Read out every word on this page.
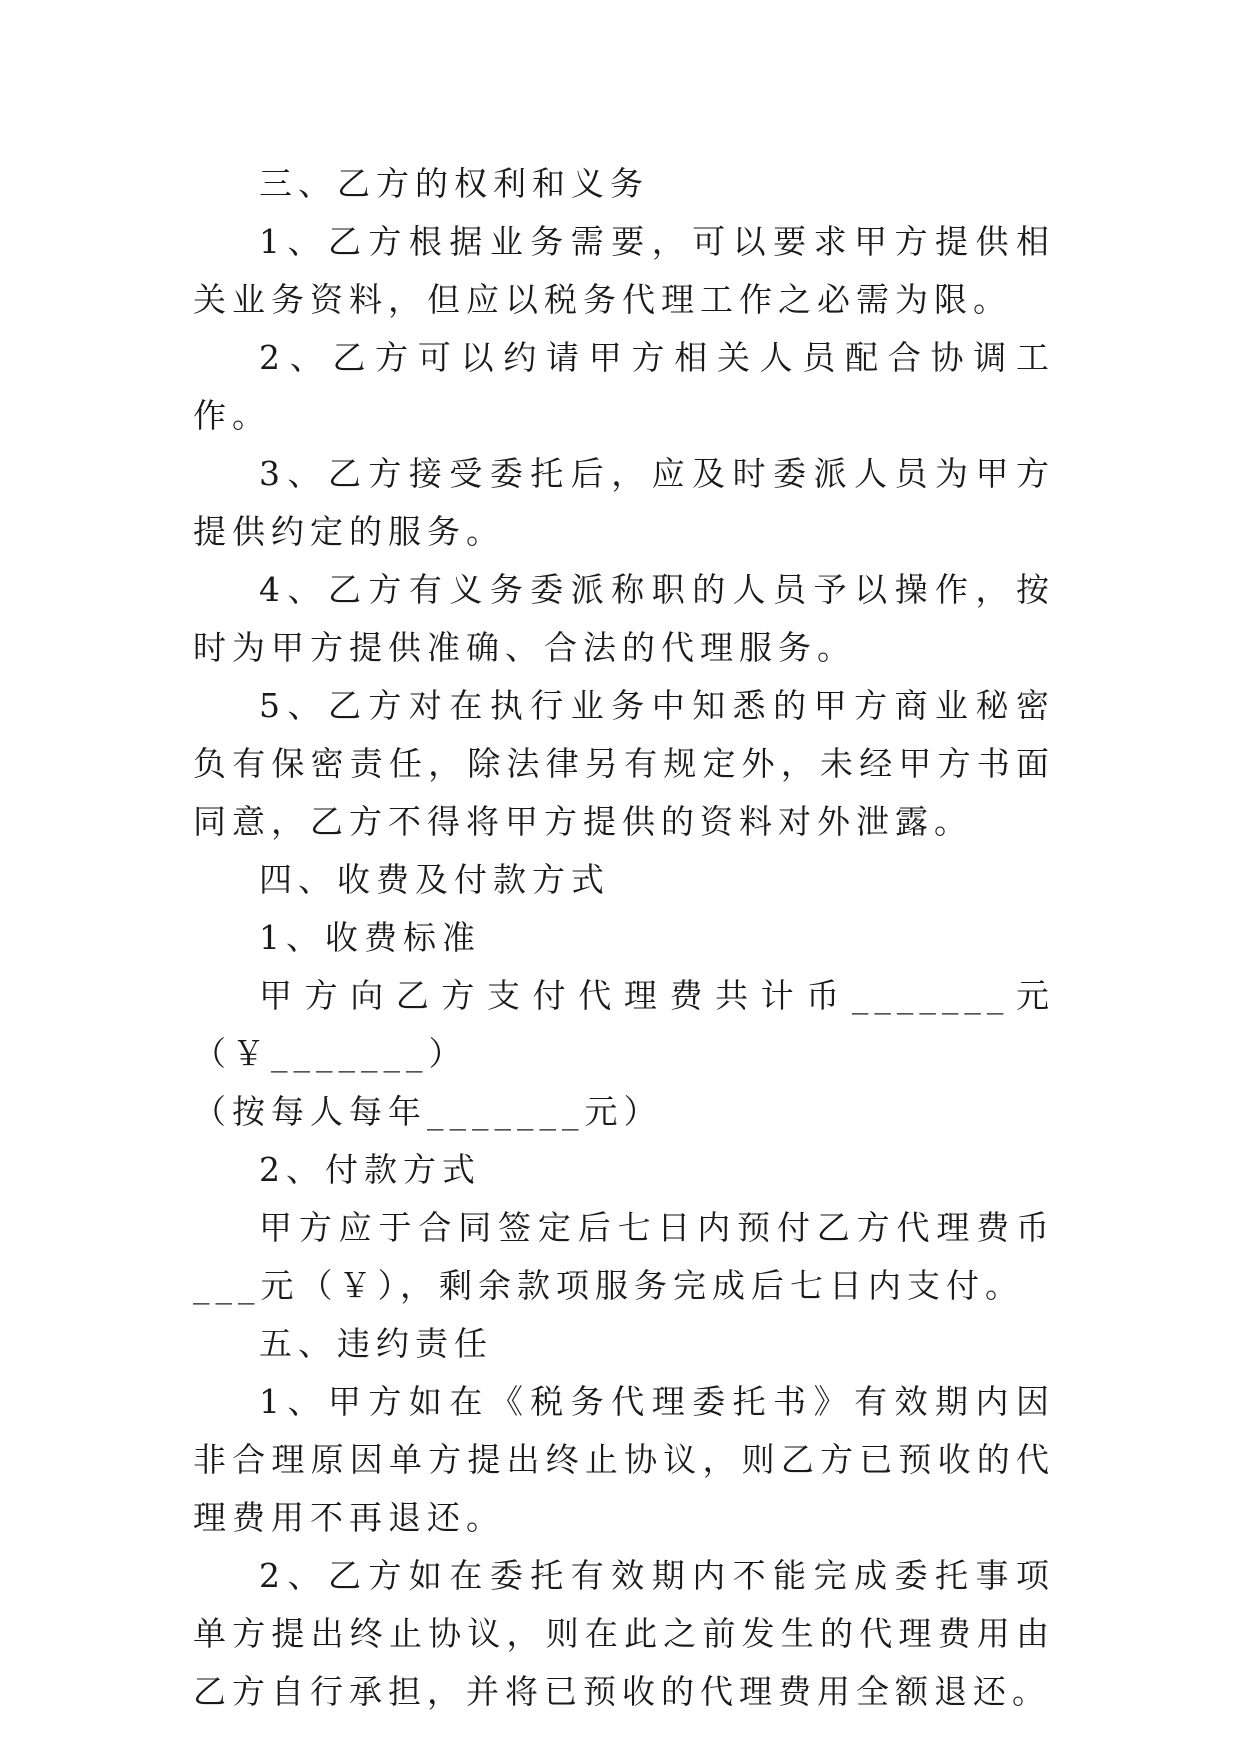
三、乙方的权利和义务

1、乙方根据业务需要，可以要求甲方提供相关业务资料，但应以税务代理工作之必需为限。

2、乙方可以约请甲方相关人员配合协调工作。

3、乙方接受委托后，应及时委派人员为甲方提供约定的服务。

4、乙方有义务委派称职的人员予以操作，按时为甲方提供准确、合法的代理服务。

5、乙方对在执行业务中知悉的甲方商业秘密负有保密责任，除法律另有规定外，未经甲方书面同意，乙方不得将甲方提供的资料对外泄露。

四、收费及付款方式

1、收费标准

甲方向乙方支付代理费共计币_______元（￥_______）

（按每人每年_______元）

2、付款方式

甲方应于合同签定后七日内预付乙方代理费币___元（￥），剩余款项服务完成后七日内支付。

五、违约责任

1、甲方如在《税务代理委托书》有效期内因非合理原因单方提出终止协议，则乙方已预收的代理费用不再退还。

2、乙方如在委托有效期内不能完成委托事项单方提出终止协议，则在此之前发生的代理费用由乙方自行承担，并将已预收的代理费用全额退还。
